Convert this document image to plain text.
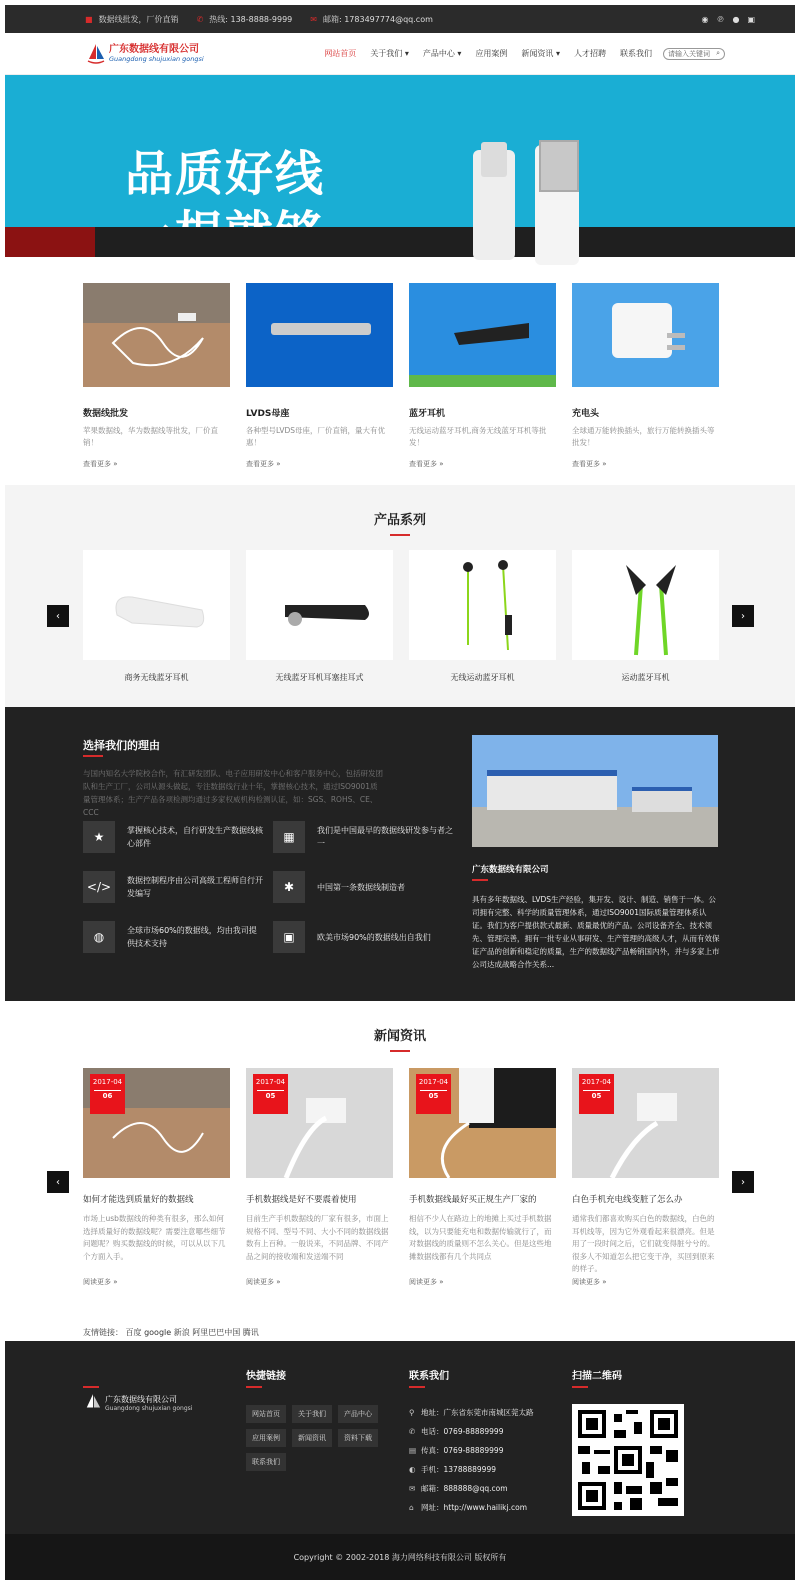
■ 数据线批发，厂价直销 ✆ 热线: 138-8888-9999 ✉ 邮箱: 1783497774@qq.com	◉ ℗ ● ▣
广东数据线有限公司
Guangdong shujuxian gongsi
网站首页	关于我们 ▾	产品中心 ▾	应用案例	新闻资讯 ▾	人才招聘	联系我们	请输入关键词 ⌕
品质好线
数据线批发
苹果数据线，华为数据线等批发，厂价直销！
查看更多 »
LVDS母座
各种型号LVDS母座，厂价直销，量大有优惠！
查看更多 »
蓝牙耳机
无线运动蓝牙耳机,商务无线蓝牙耳机等批发！
查看更多 »
充电头
全球通万能转换插头，旅行万能转换插头等批发！
查看更多 »
产品系列
商务无线蓝牙耳机	无线蓝牙耳机耳塞挂耳式	无线运动蓝牙耳机	运动蓝牙耳机
‹	›
选择我们的理由
与国内知名大学院校合作，有汇研发团队、电子应用研发中心和客户服务中心，包括研发团队和生产工厂，公司从源头做起，专注数据线行业十年，掌握核心技术，通过ISO9001质量管理体系；生产产品各项检测均通过多家权威机构检测认证，如：SGS、ROHS、CE、CCC
★	掌握核心技术，自行研发生产数据线核心部件	▦	我们是中国最早的数据线研发参与者之一
</>	数据控制程序由公司高级工程师自行开发编写	✱	中国第一条数据线制造者
◍	全球市场60%的数据线，均由我司提供技术支持	▣	欧美市场90%的数据线出自我们
广东数据线有限公司
具有多年数据线、LVDS生产经验，集开发、设计、制造、销售于一体。公司拥有完整、科学的质量管理体系，通过ISO9001国际质量管理体系认证。我们为客户提供款式最新、质量最优的产品。公司设备齐全、技术领先、管理完善，拥有一批专业从事研发、生产管理的高级人才，从而有效保证产品的创新和稳定的质量，生产的数据线产品畅销国内外，并与多家上市公司达成战略合作关系...
新闻资讯
2017-04
06
如何才能选到质量好的数据线
市场上usb数据线的种类有很多，那么如何选择质量好的数据线呢？需要注意哪些细节问题呢？购买数据线的时候，可以从以下几个方面入手。
阅读更多 »
2017-04
05
手机数据线是好不要震着使用
目前生产手机数据线的厂家有很多，市面上规格不同、型号不同、大小不同的数据线据数有上百种。一般说来，不同品牌、不同产品之间的接收端和发送端不同
阅读更多 »
2017-04
05
手机数据线最好买正规生产厂家的
相信不少人在路边上的地摊上买过手机数据线，以为只要能充电和数据传输就行了，而对数据线的质量则不怎么关心。但是这些地摊数据线都有几个共同点
阅读更多 »
2017-04
05
白色手机充电线变脏了怎么办
通常我们都喜欢购买白色的数据线，白色的耳机线等，因为它外观看起来很漂亮。但是用了一段时间之后，它们就变得脏兮兮的。很多人不知道怎么把它变干净，买回到原来的样子。
阅读更多 »
‹	›
友情链接： 百度 google 新浪 阿里巴巴中国 腾讯
广东数据线有限公司
Guangdong shujuxian gongsi
快捷链接
网站首页	关于我们	产品中心
应用案例	新闻资讯	资料下载
联系我们
联系我们
⚲ 地址：广东省东莞市南城区莞太路
✆ 电话：0769-88889999
▤ 传真：0769-88889999
◐ 手机：13788889999
✉ 邮箱：888888@qq.com
⌂ 网址：http://www.hailikj.com
扫描二维码
Copyright © 2002-2018 海力网络科技有限公司 版权所有
